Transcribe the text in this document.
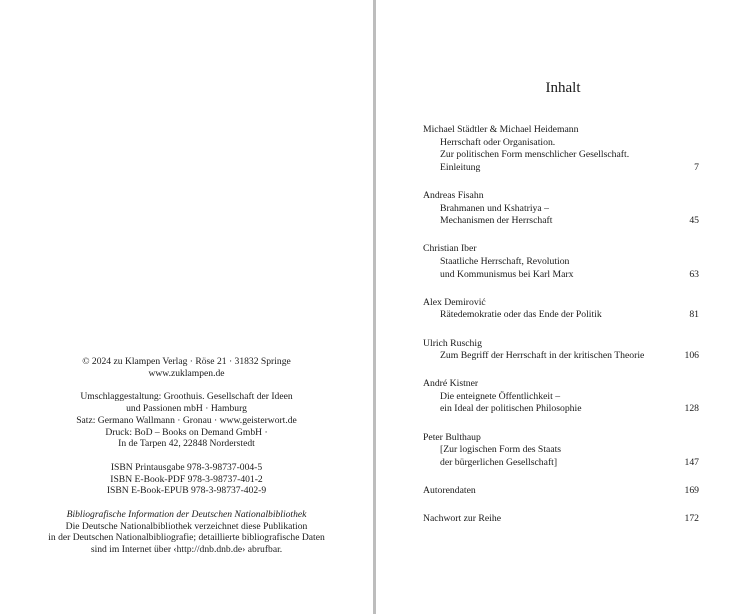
© 2024 zu Klampen Verlag · Röse 21 · 31832 Springe
www.zuklampen.de
Umschlaggestaltung: Groothuis. Gesellschaft der Ideen
und Passionen mbH · Hamburg
Satz: Germano Wallmann · Gronau · www.geisterwort.de
Druck: BoD – Books on Demand GmbH ·
In de Tarpen 42, 22848 Norderstedt
ISBN Printausgabe 978-3-98737-004-5
ISBN E-Book-PDF 978-3-98737-401-2
ISBN E-Book-EPUB 978-3-98737-402-9
Bibliografische Information der Deutschen Nationalbibliothek
Die Deutsche Nationalbibliothek verzeichnet diese Publikation
in der Deutschen Nationalbibliografie; detaillierte bibliografische Daten
sind im Internet über ‹http://dnb.dnb.de› abrufbar.
Inhalt
Michael Städtler & Michael Heidemann
Herrschaft oder Organisation.
Zur politischen Form menschlicher Gesellschaft.
Einleitung	7
Andreas Fisahn
Brahmanen und Kshatriya –
Mechanismen der Herrschaft	45
Christian Iber
Staatliche Herrschaft, Revolution
und Kommunismus bei Karl Marx	63
Alex Demirović
Rätedemokratie oder das Ende der Politik	81
Ulrich Ruschig
Zum Begriff der Herrschaft in der kritischen Theorie	106
André Kistner
Die enteignete Öffentlichkeit –
ein Ideal der politischen Philosophie	128
Peter Bulthaup
[Zur logischen Form des Staats
der bürgerlichen Gesellschaft]	147
Autorendaten	169
Nachwort zur Reihe	172
